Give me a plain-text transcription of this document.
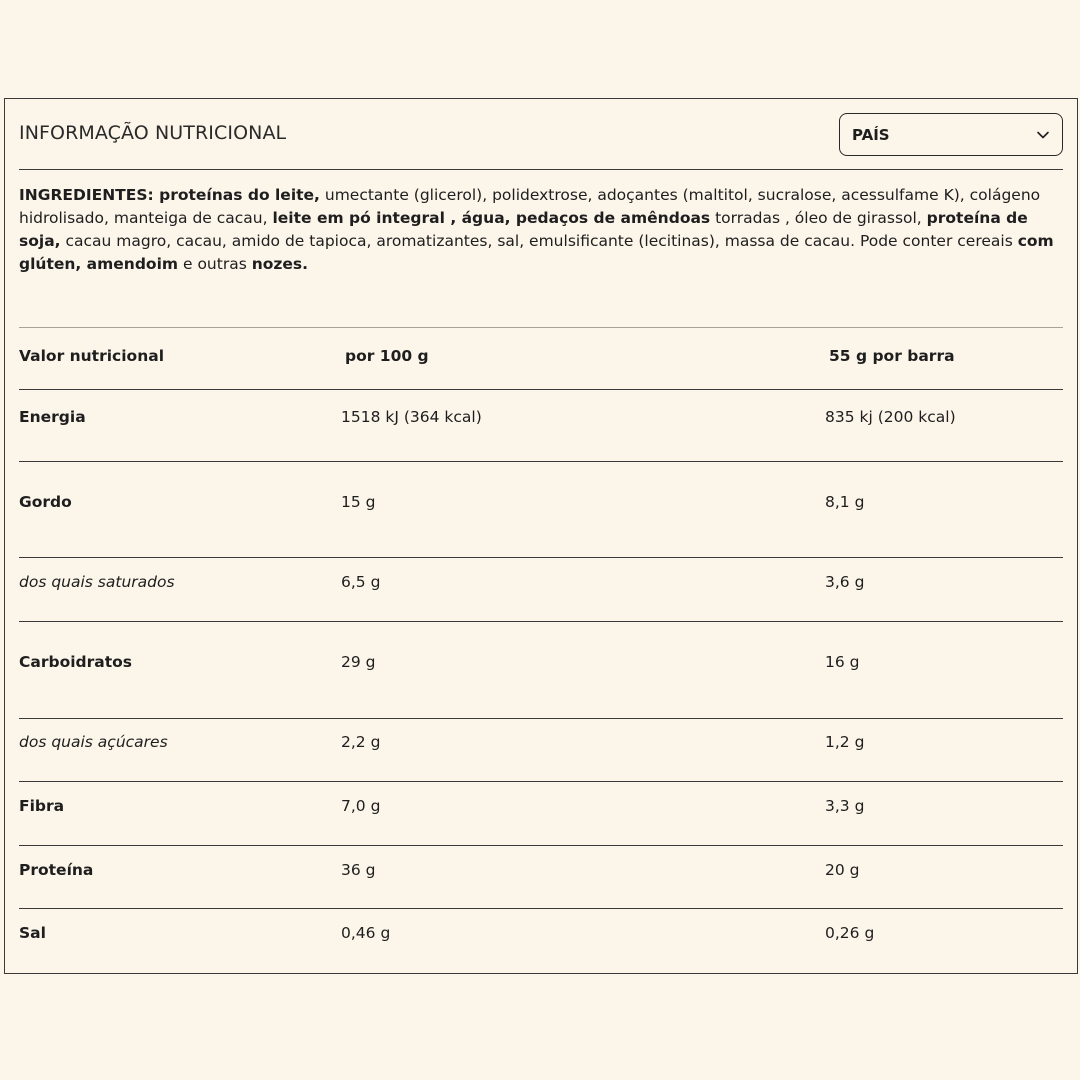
INFORMAÇÃO NUTRICIONAL	PAÍS

INGREDIENTES: proteínas do leite, umectante (glicerol), polidextrose, adoçantes (maltitol, sucralose, acessulfame K), colágeno hidrolisado, manteiga de cacau, leite em pó integral , água, pedaços de amêndoas torradas , óleo de girassol, proteína de soja, cacau magro, cacau, amido de tapioca, aromatizantes, sal, emulsificante (lecitinas), massa de cacau. Pode conter cereais com glúten, amendoim e outras nozes.

Valor nutricional	por 100 g	55 g por barra
Energia	1518 kJ (364 kcal)	835 kj (200 kcal)
Gordo	15 g	8,1 g
dos quais saturados	6,5 g	3,6 g
Carboidratos	29 g	16 g
dos quais açúcares	2,2 g	1,2 g
Fibra	7,0 g	3,3 g
Proteína	36 g	20 g
Sal	0,46 g	0,26 g
